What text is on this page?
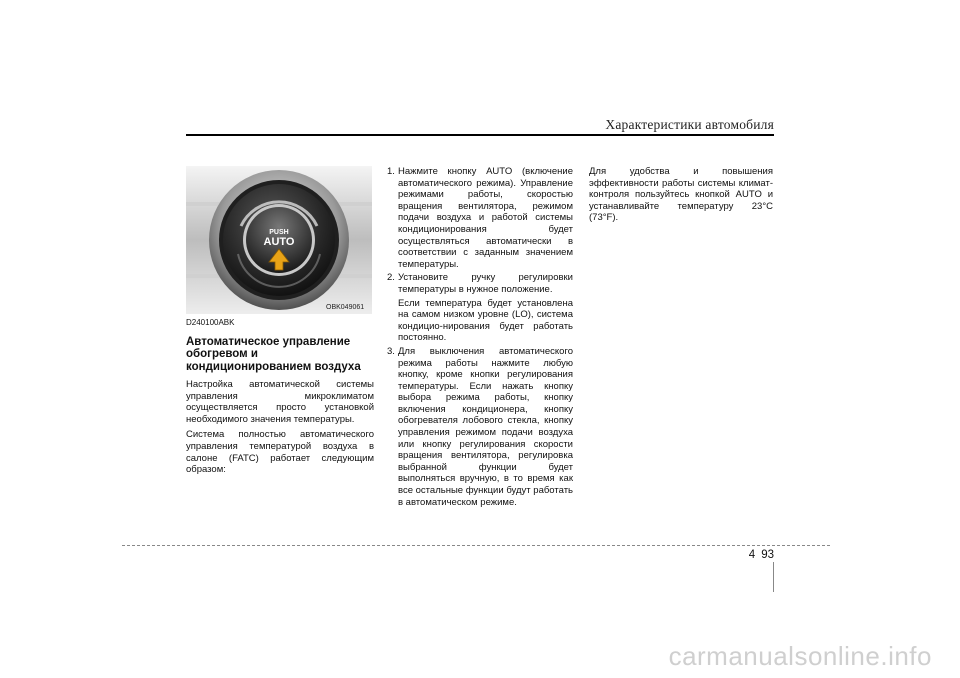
Характеристики автомобиля
PUSH
AUTO
OBK049061

D240100ABK

Автоматическое управление обогревом и кондиционированием воздуха

Настройка автоматической системы управления микроклиматом осуществляется просто установкой необходимого значения температуры.

Система полностью автоматического управления температурой воздуха в салоне (FATC) работает следующим образом:

1. Нажмите кнопку AUTO (включение автоматического режима). Управление режимами работы, скоростью вращения вентилятора, режимом подачи воздуха и работой системы кондиционирования будет осуществляться автоматически в соответствии с заданным значением температуры.
2. Установите ручку регулировки температуры в нужное положение.

Если температура будет установлена на самом низком уровне (LO), система кондицио-нирования будет работать постоянно.

3. Для выключения автоматического режима работы нажмите любую кнопку, кроме кнопки регулирования температуры. Если нажать кнопку выбора режима работы, кнопку включения кондиционера, кнопку обогревателя лобового стекла, кнопку управления режимом подачи воздуха или кнопку регулирования скорости вращения вентилятора, регулировка выбранной функции будет выполняться вручную, в то время как все остальные функции будут работать в автоматическом режиме.

Для удобства и повышения эффективности работы системы климат-контроля пользуйтесь кнопкой AUTO и устанавливайте температуру 23°C (73°F).

4 93
carmanualsonline.info
